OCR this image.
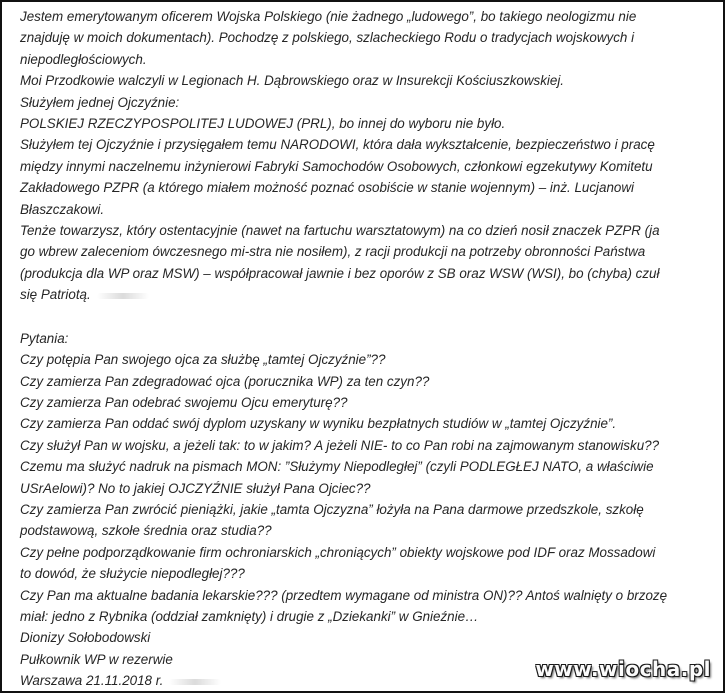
Jestem emerytowanym oficerem Wojska Polskiego (nie żadnego „ludowego”, bo takiego neologizmu nie

znajduję w moich dokumentach). Pochodzę z polskiego, szlacheckiego Rodu o tradycjach wojskowych i

niepodległościowych.

Moi Przodkowie walczyli w Legionach H. Dąbrowskiego oraz w Insurekcji Kościuszkowskiej.

Służyłem jednej Ojczyźnie:

POLSKIEJ RZECZYPOSPOLITEJ LUDOWEJ (PRL), bo innej do wyboru nie było.

Służyłem tej Ojczyźnie i przysięgałem temu NARODOWI, która dała wykształcenie, bezpieczeństwo i pracę

między innymi naczelnemu inżynierowi Fabryki Samochodów Osobowych, członkowi egzekutywy Komitetu

Zakładowego PZPR (a którego miałem możność poznać osobiście w stanie wojennym) – inż. Lucjanowi

Błaszczakowi.

Tenże towarzysz, który ostentacyjnie (nawet na fartuchu warsztatowym) na co dzień nosił znaczek PZPR (ja

go wbrew zaleceniom ówczesnego mi-stra nie nosiłem), z racji produkcji na potrzeby obronności Państwa

(produkcja dla WP oraz MSW) – współpracował jawnie i bez oporów z SB oraz WSW (WSI), bo (chyba) czuł

się Patriotą.

Pytania:

Czy potępia Pan swojego ojca za służbę „tamtej Ojczyźnie”??

Czy zamierza Pan zdegradować ojca (porucznika WP) za ten czyn??

Czy zamierza Pan odebrać swojemu Ojcu emeryturę??

Czy zamierza Pan oddać swój dyplom uzyskany w wyniku bezpłatnych studiów w „tamtej Ojczyźnie”.

Czy służył Pan w wojsku, a jeżeli tak: to w jakim? A jeżeli NIE- to co Pan robi na zajmowanym stanowisku??

Czemu ma służyć nadruk na pismach MON: ”Służymy Niepodległej” (czyli PODLEGŁEJ NATO, a właściwie

USrAelowi)? No to jakiej OJCZYŹNIE służył Pana Ojciec??

Czy zamierza Pan zwrócić pieniążki, jakie „tamta Ojczyzna” łożyła na Pana darmowe przedszkole, szkołę

podstawową, szkołe średnia oraz studia??

Czy pełne podporządkowanie firm ochroniarskich „chroniących” obiekty wojskowe pod IDF oraz Mossadowi

to dowód, że służycie niepodległej???

Czy Pan ma aktualne badania lekarskie??? (przedtem wymagane od ministra ON)?? Antoś walnięty o brzozę

miał: jedno z Rybnika (oddział zamknięty) i drugie z „Dziekanki” w Gnieźnie…

Dionizy Sołobodowski

Pułkownik WP w rezerwie

Warszawa 21.11.2018 r.	www.wiocha.pl
